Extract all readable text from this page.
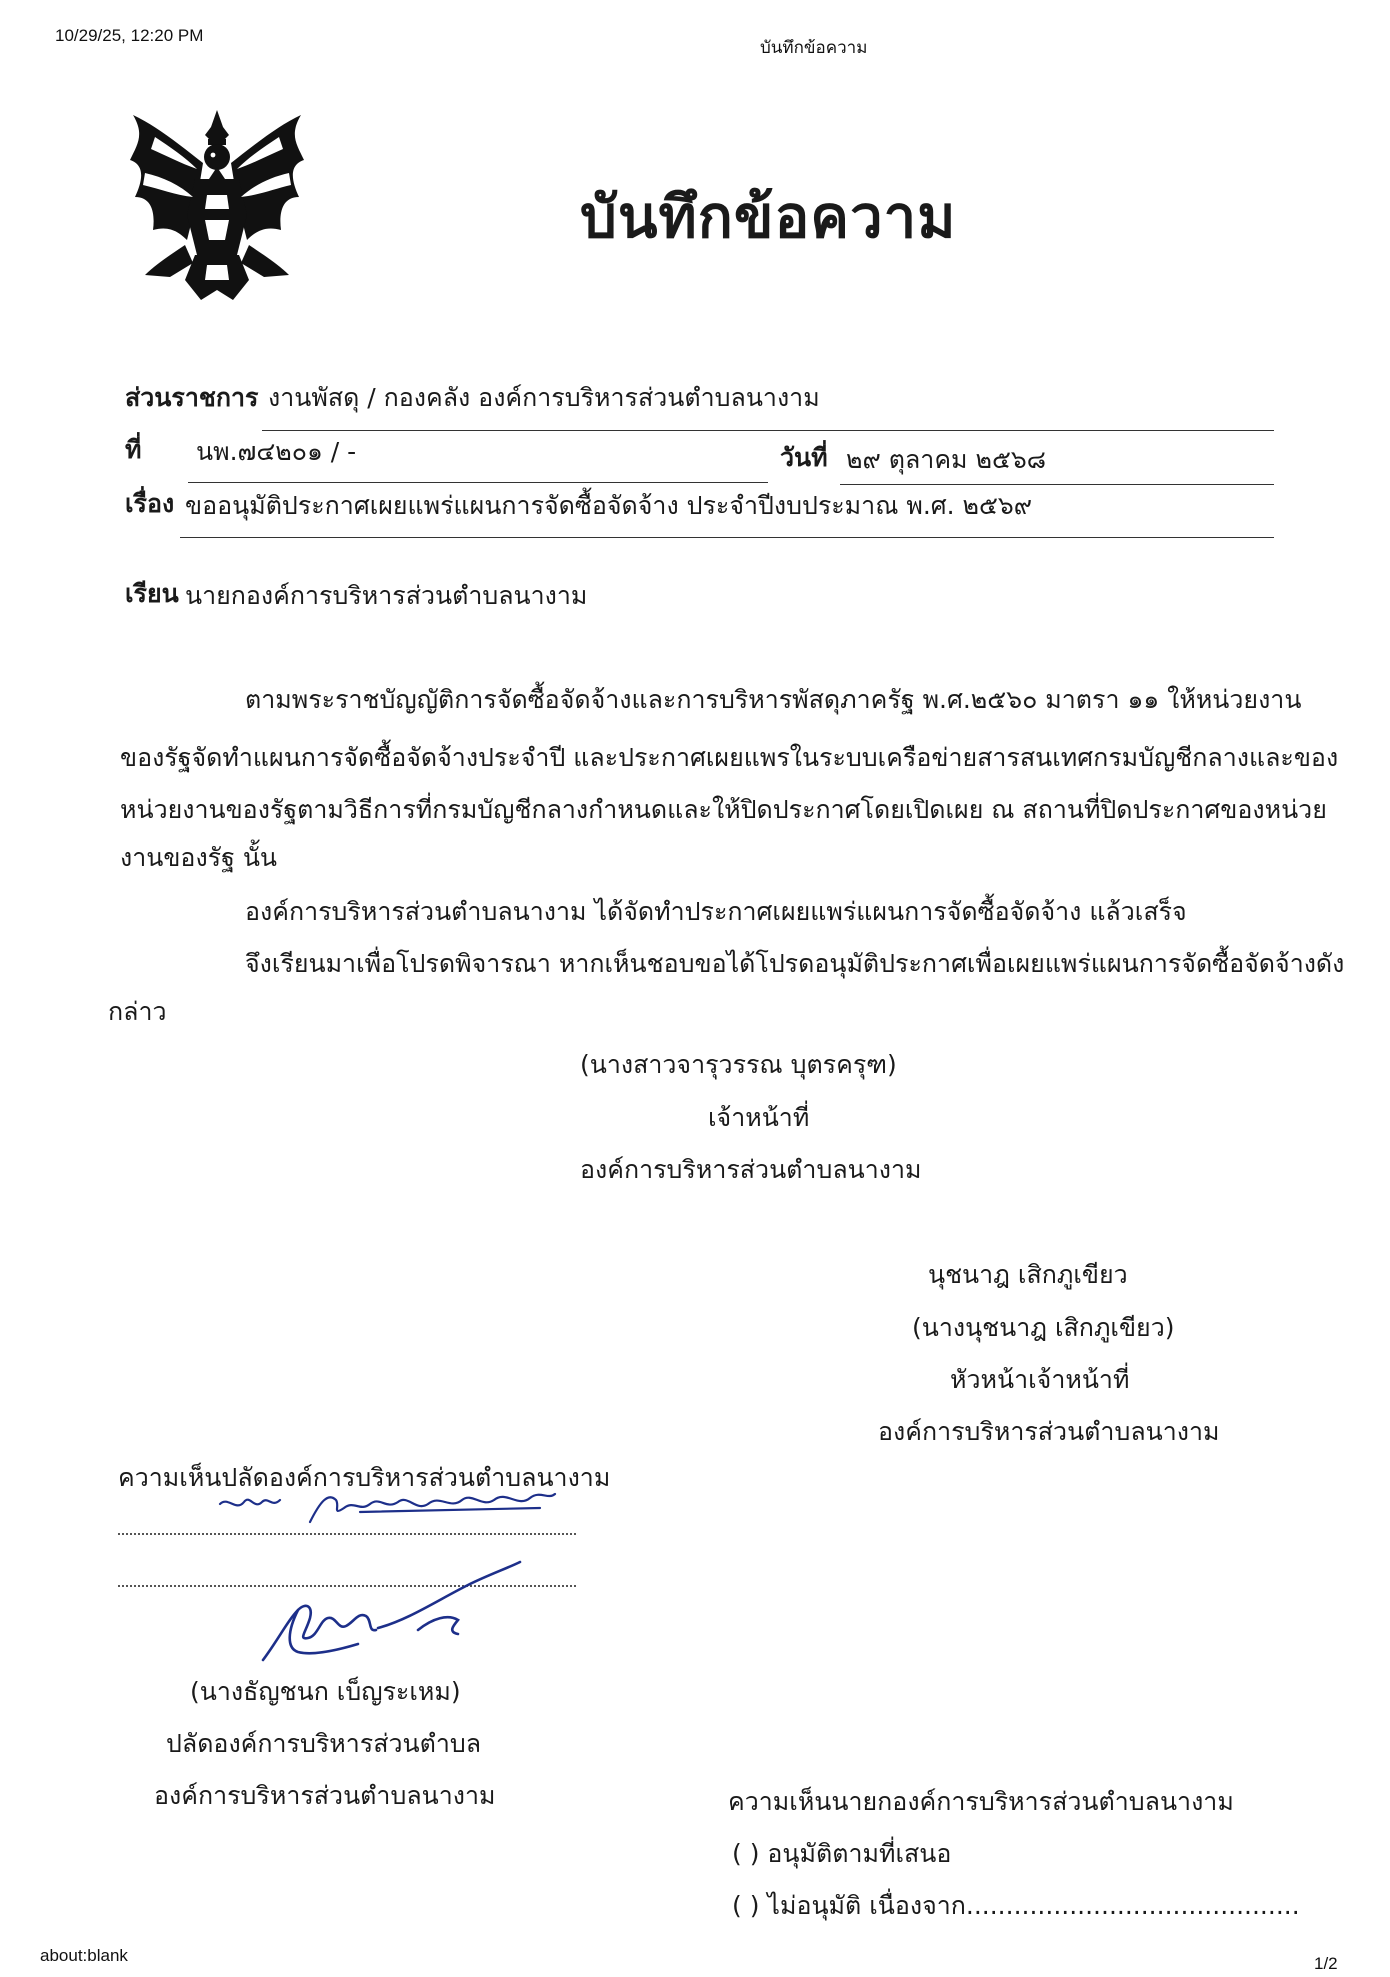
10/29/25, 12:20 PM
บันทึกข้อความ
บันทึกข้อความ
ส่วนราชการ งานพัสดุ / กองคลัง องค์การบริหารส่วนตำบลนางาม
ที่ นพ.๗๔๒๐๑ / -	วันที่ ๒๙ ตุลาคม ๒๕๖๘
เรื่อง ขออนุมัติประกาศเผยแพร่แผนการจัดซื้อจัดจ้าง ประจำปีงบประมาณ พ.ศ. ๒๕๖๙
เรียน นายกองค์การบริหารส่วนตำบลนางาม
ตามพระราชบัญญัติการจัดซื้อจัดจ้างและการบริหารพัสดุภาครัฐ พ.ศ.๒๕๖๐ มาตรา ๑๑ ให้หน่วยงาน
ของรัฐจัดทำแผนการจัดซื้อจัดจ้างประจำปี และประกาศเผยแพรในระบบเครือข่ายสารสนเทศกรมบัญชีกลางและของ
หน่วยงานของรัฐตามวิธีการที่กรมบัญชีกลางกำหนดและให้ปิดประกาศโดยเปิดเผย ณ สถานที่ปิดประกาศของหน่วย
งานของรัฐ นั้น
องค์การบริหารส่วนตำบลนางาม ได้จัดทำประกาศเผยแพร่แผนการจัดซื้อจัดจ้าง แล้วเสร็จ
จึงเรียนมาเพื่อโปรดพิจารณา หากเห็นชอบขอได้โปรดอนุมัติประกาศเพื่อเผยแพร่แผนการจัดซื้อจัดจ้างดัง
กล่าว
(นางสาวจารุวรรณ บุตรครุฑ)
เจ้าหน้าที่
องค์การบริหารส่วนตำบลนางาม
นุชนาฎ เสิกภูเขียว
(นางนุชนาฎ เสิกภูเขียว)
หัวหน้าเจ้าหน้าที่
องค์การบริหารส่วนตำบลนางาม
ความเห็นปลัดองค์การบริหารส่วนตำบลนางาม
(นางธัญชนก เบ็ญระเหม)
ปลัดองค์การบริหารส่วนตำบล
องค์การบริหารส่วนตำบลนางาม	ความเห็นนายกองค์การบริหารส่วนตำบลนางาม
( ) อนุมัติตามที่เสนอ
( ) ไม่อนุมัติ เนื่องจาก..........................................
about:blank	1/2
